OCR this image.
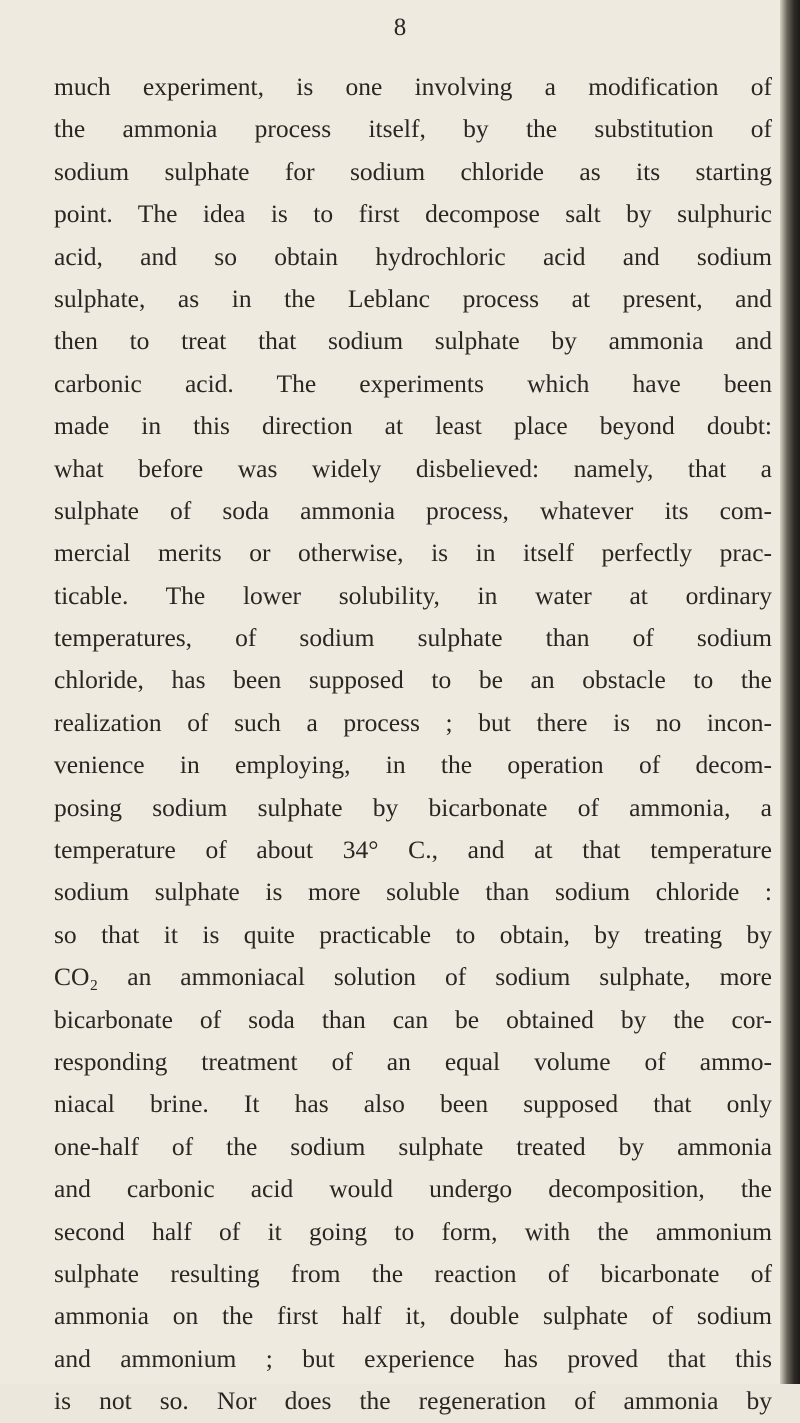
8
much experiment, is one involving a modification of
the ammonia process itself, by the substitution of
sodium sulphate for sodium chloride as its starting
point. The idea is to first decompose salt by sulphuric
acid, and so obtain hydrochloric acid and sodium
sulphate, as in the Leblanc process at present, and
then to treat that sodium sulphate by ammonia and
carbonic acid. The experiments which have been
made in this direction at least place beyond doubt:
what before was widely disbelieved: namely, that a
sulphate of soda ammonia process, whatever its com-
mercial merits or otherwise, is in itself perfectly prac-
ticable. The lower solubility, in water at ordinary
temperatures, of sodium sulphate than of sodium
chloride, has been supposed to be an obstacle to the
realization of such a process ; but there is no incon-
venience in employing, in the operation of decom-
posing sodium sulphate by bicarbonate of ammonia, a
temperature of about 34° C., and at that temperature
sodium sulphate is more soluble than sodium chloride :
so that it is quite practicable to obtain, by treating by
CO₂ an ammoniacal solution of sodium sulphate, more
bicarbonate of soda than can be obtained by the cor-
responding treatment of an equal volume of ammo-
niacal brine. It has also been supposed that only
one-half of the sodium sulphate treated by ammonia
and carbonic acid would undergo decomposition, the
second half of it going to form, with the ammonium
sulphate resulting from the reaction of bicarbonate of
ammonia on the first half it, double sulphate of sodium
and ammonium ; but experience has proved that this
is not so. Nor does the regeneration of ammonia by
